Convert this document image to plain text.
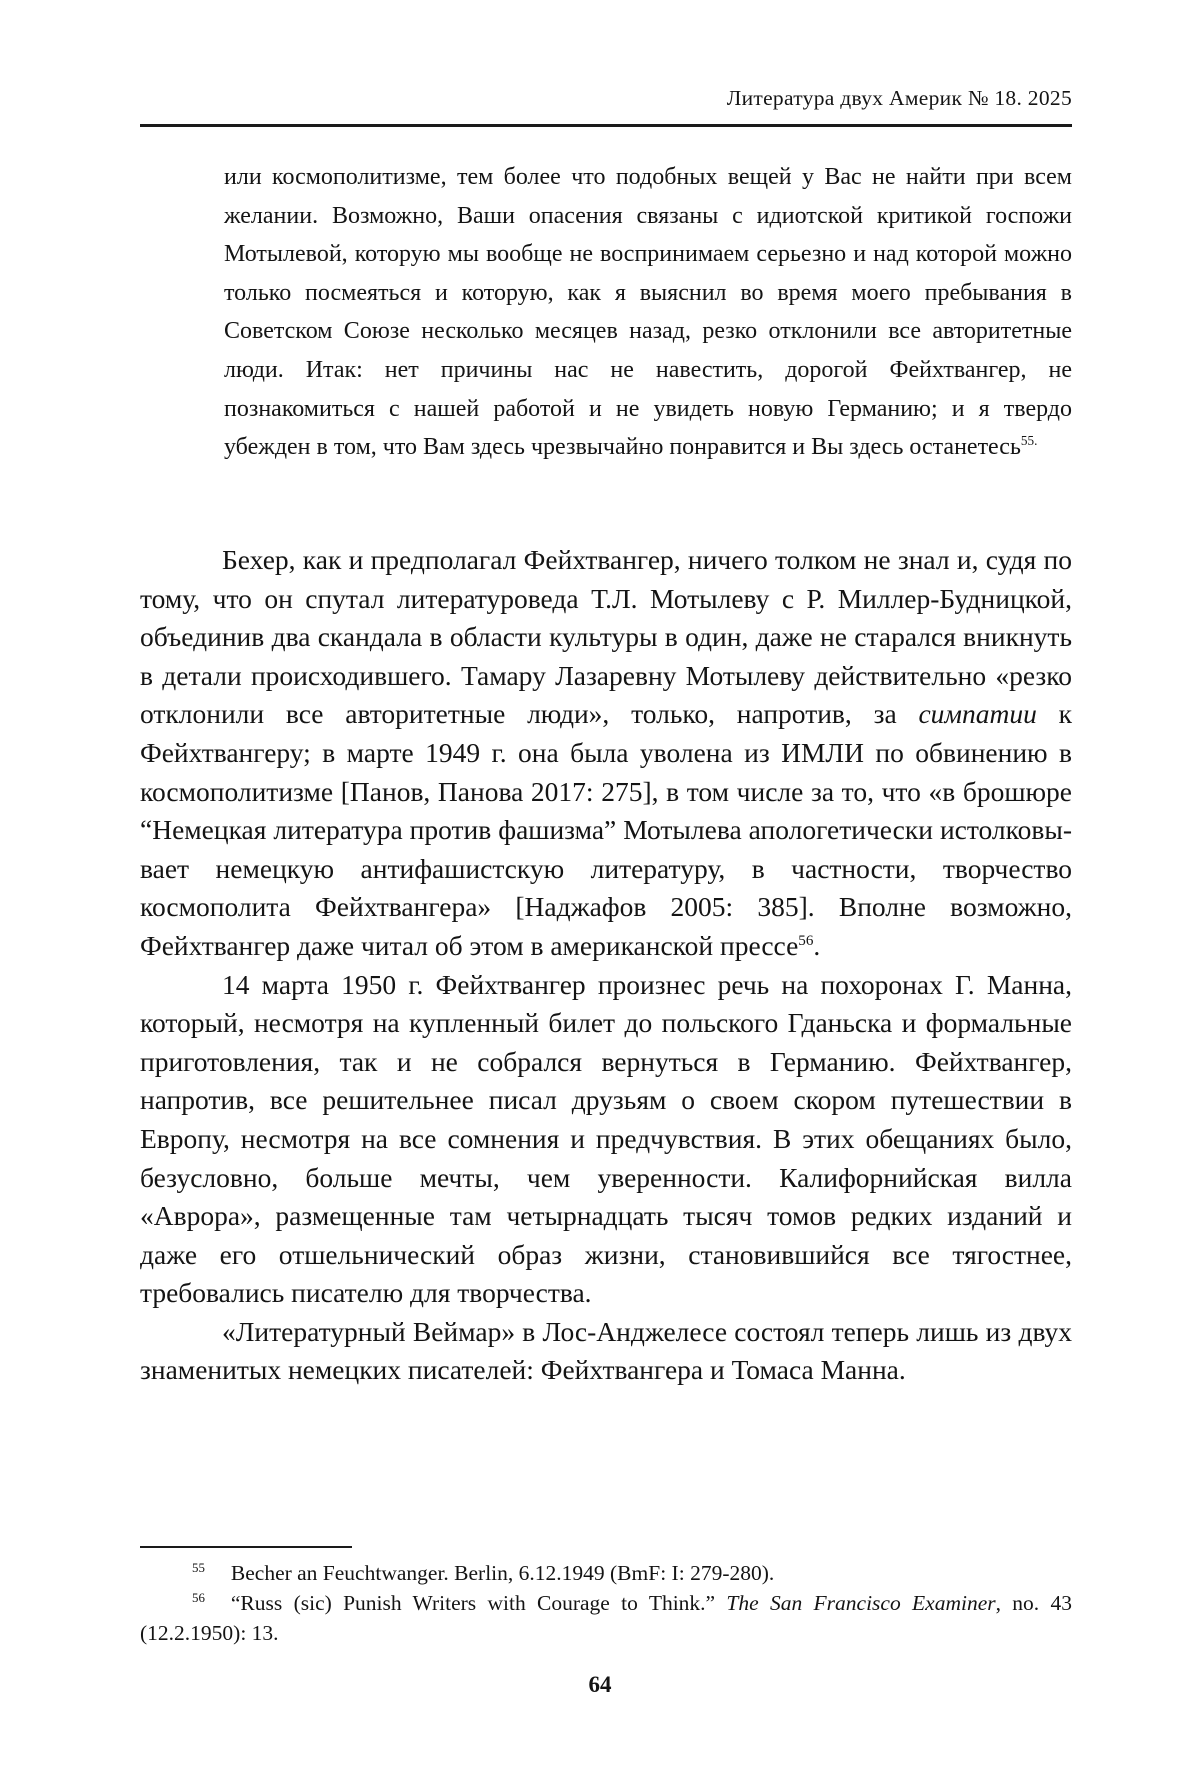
Литература двух Америк № 18. 2025

или космополитизме, тем более что подобных вещей у Вас не найти при всем желании. Возможно, Ваши опасения связаны с идиотской критикой госпожи Мотылевой, которую мы вообще не воспринимаем серьезно и над которой можно только посмеяться и которую, как я выяснил во время моего пребывания в Советском Союзе несколько месяцев назад, резко отклонили все авторитетные люди. Итак: нет причины нас не навестить, дорогой Фейхтвангер, не познакомиться с нашей работой и не увидеть новую Германию; и я твердо убежден в том, что Вам здесь чрезвычайно понравится и Вы здесь останетесь$^{55.}$

Бехер, как и предполагал Фейхтвангер, ничего толком не знал и, судя по тому, что он спутал литературоведа Т.Л. Мотылеву с Р. Миллер-Будницкой, объединив два скандала в области культуры в один, даже не старался вникнуть в детали происходившего. Тамару Лазаревну Мотылеву действительно «резко отклонили все авторитетные люди», только, напротив, за симпатии к Фейхтвангеру; в марте 1949 г. она была уволена из ИМЛИ по обвинению в космополитизме [Панов, Панова 2017: 275], в том числе за то, что «в брошюре “Немецкая литература против фашизма” Мотылева апологетически истолковывает немецкую антифашистскую литературу, в частности, творчество космополита Фейхтвангера» [Наджафов 2005: 385]. Вполне возможно, Фейхтвангер даже читал об этом в американской прессе$^{56}$.

14 марта 1950 г. Фейхтвангер произнес речь на похоронах Г. Манна, который, несмотря на купленный билет до польского Гданьска и формальные приготовления, так и не собрался вернуться в Германию. Фейхтвангер, напротив, все решительнее писал друзьям о своем скором путешествии в Европу, несмотря на все сомнения и предчувствия. В этих обещаниях было, безусловно, больше мечты, чем уверенности. Калифорнийская вилла «Аврора», размещенные там четырнадцать тысяч томов редких изданий и даже его отшельнический образ жизни, становившийся все тягостнее, требовались писателю для творчества.

«Литературный Веймар» в Лос-Анджелесе состоял теперь лишь из двух знаменитых немецких писателей: Фейхтвангера и Томаса Манна.

$^{55}$ Becher an Feuchtwanger. Berlin, 6.12.1949 (BmF: I: 279-280).

$^{56}$ “Russ (sic) Punish Writers with Courage to Think.” The San Francisco Examiner, no. 43 (12.2.1950): 13.

64
